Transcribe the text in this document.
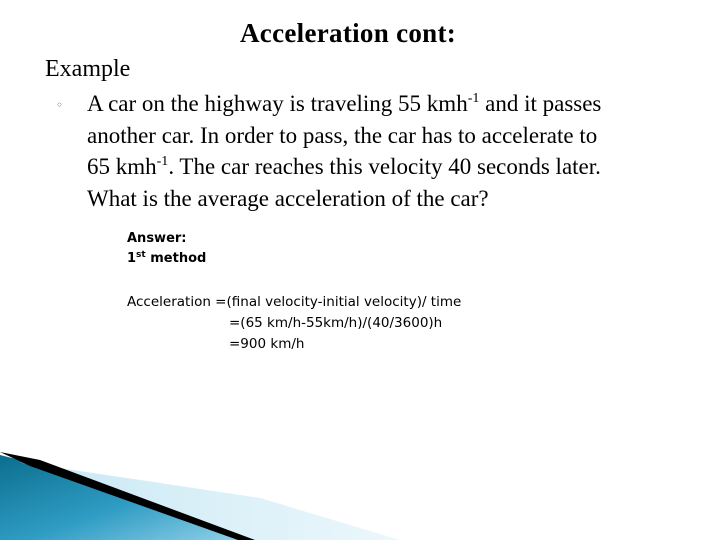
Acceleration cont:
Example
◦ A car on the highway is traveling 55 kmh$^{-1}$ and it passes
another car. In order to pass, the car has to accelerate to
65 kmh$^{-1}$. The car reaches this velocity 40 seconds later.
What is the average acceleration of the car?
Answer:
1st method
Acceleration =(final velocity-initial velocity)/ time
=(65 km/h-55km/h)/(40/3600)h
=900 km/h
